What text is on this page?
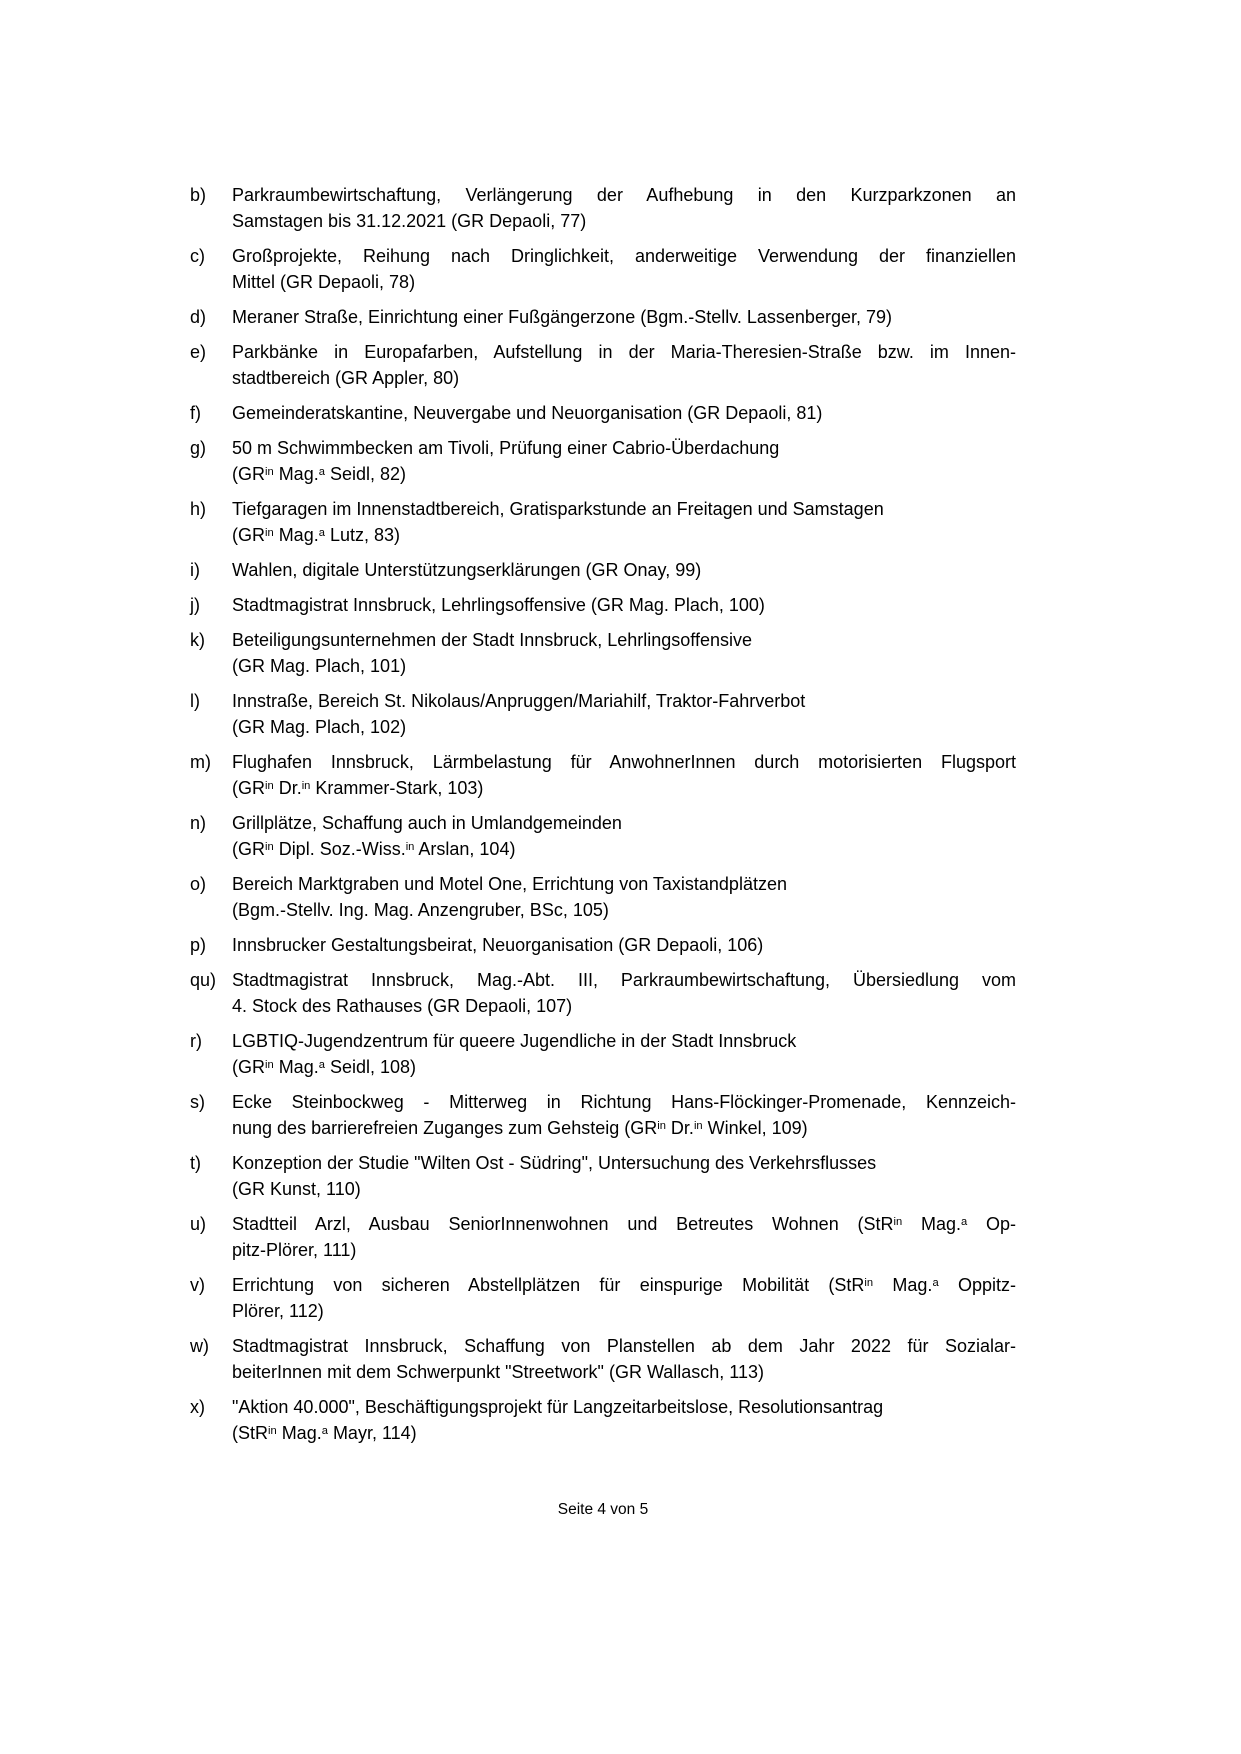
b)	Parkraumbewirtschaftung, Verlängerung der Aufhebung in den Kurzparkzonen an
Samstagen bis 31.12.2021 (GR Depaoli, 77)
c)	Großprojekte, Reihung nach Dringlichkeit, anderweitige Verwendung der finanziellen
Mittel (GR Depaoli, 78)
d)	Meraner Straße, Einrichtung einer Fußgängerzone (Bgm.-Stellv. Lassenberger, 79)
e)	Parkbänke in Europafarben, Aufstellung in der Maria-Theresien-Straße bzw. im Innen-
stadtbereich (GR Appler, 80)
f)	Gemeinderatskantine, Neuvergabe und Neuorganisation (GR Depaoli, 81)
g)	50 m Schwimmbecken am Tivoli, Prüfung einer Cabrio-Überdachung
($GR^{in}$ Mag.$^a$ Seidl, 82)
h)	Tiefgaragen im Innenstadtbereich, Gratisparkstunde an Freitagen und Samstagen
($GR^{in}$ Mag.$^a$ Lutz, 83)
i)	Wahlen, digitale Unterstützungserklärungen (GR Onay, 99)
j)	Stadtmagistrat Innsbruck, Lehrlingsoffensive (GR Mag. Plach, 100)
k)	Beteiligungsunternehmen der Stadt Innsbruck, Lehrlingsoffensive
(GR Mag. Plach, 101)
l)	Innstraße, Bereich St. Nikolaus/Anpruggen/Mariahilf, Traktor-Fahrverbot
(GR Mag. Plach, 102)
m)	Flughafen Innsbruck, Lärmbelastung für AnwohnerInnen durch motorisierten Flugsport
($GR^{in}$ Dr.$^{in}$ Krammer-Stark, 103)
n)	Grillplätze, Schaffung auch in Umlandgemeinden
($GR^{in}$ Dipl. Soz.-Wiss.$^{in}$ Arslan, 104)
o)	Bereich Marktgraben und Motel One, Errichtung von Taxistandplätzen
(Bgm.-Stellv. Ing. Mag. Anzengruber, BSc, 105)
p)	Innsbrucker Gestaltungsbeirat, Neuorganisation (GR Depaoli, 106)
qu) Stadtmagistrat Innsbruck, Mag.-Abt. III, Parkraumbewirtschaftung, Übersiedlung vom
4. Stock des Rathauses (GR Depaoli, 107)
r)	LGBTIQ-Jugendzentrum für queere Jugendliche in der Stadt Innsbruck
($GR^{in}$ Mag.$^a$ Seidl, 108)
s)	Ecke Steinbockweg - Mitterweg in Richtung Hans-Flöckinger-Promenade, Kennzeich-
nung des barrierefreien Zuganges zum Gehsteig ($GR^{in}$ Dr.$^{in}$ Winkel, 109)
t)	Konzeption der Studie "Wilten Ost - Südring", Untersuchung des Verkehrsflusses
(GR Kunst, 110)
u)	Stadtteil Arzl, Ausbau SeniorInnenwohnen und Betreutes Wohnen (StR$^{in}$ Mag.$^a$ Op-
pitz-Plörer, 111)
v)	Errichtung von sicheren Abstellplätzen für einspurige Mobilität (StR$^{in}$ Mag.$^a$ Oppitz-
Plörer, 112)
w)	Stadtmagistrat Innsbruck, Schaffung von Planstellen ab dem Jahr 2022 für Sozialar-
beiterInnen mit dem Schwerpunkt "Streetwork" (GR Wallasch, 113)
x)	"Aktion 40.000", Beschäftigungsprojekt für Langzeitarbeitslose, Resolutionsantrag
(StR$^{in}$ Mag.$^a$ Mayr, 114)
Seite 4 von 5
